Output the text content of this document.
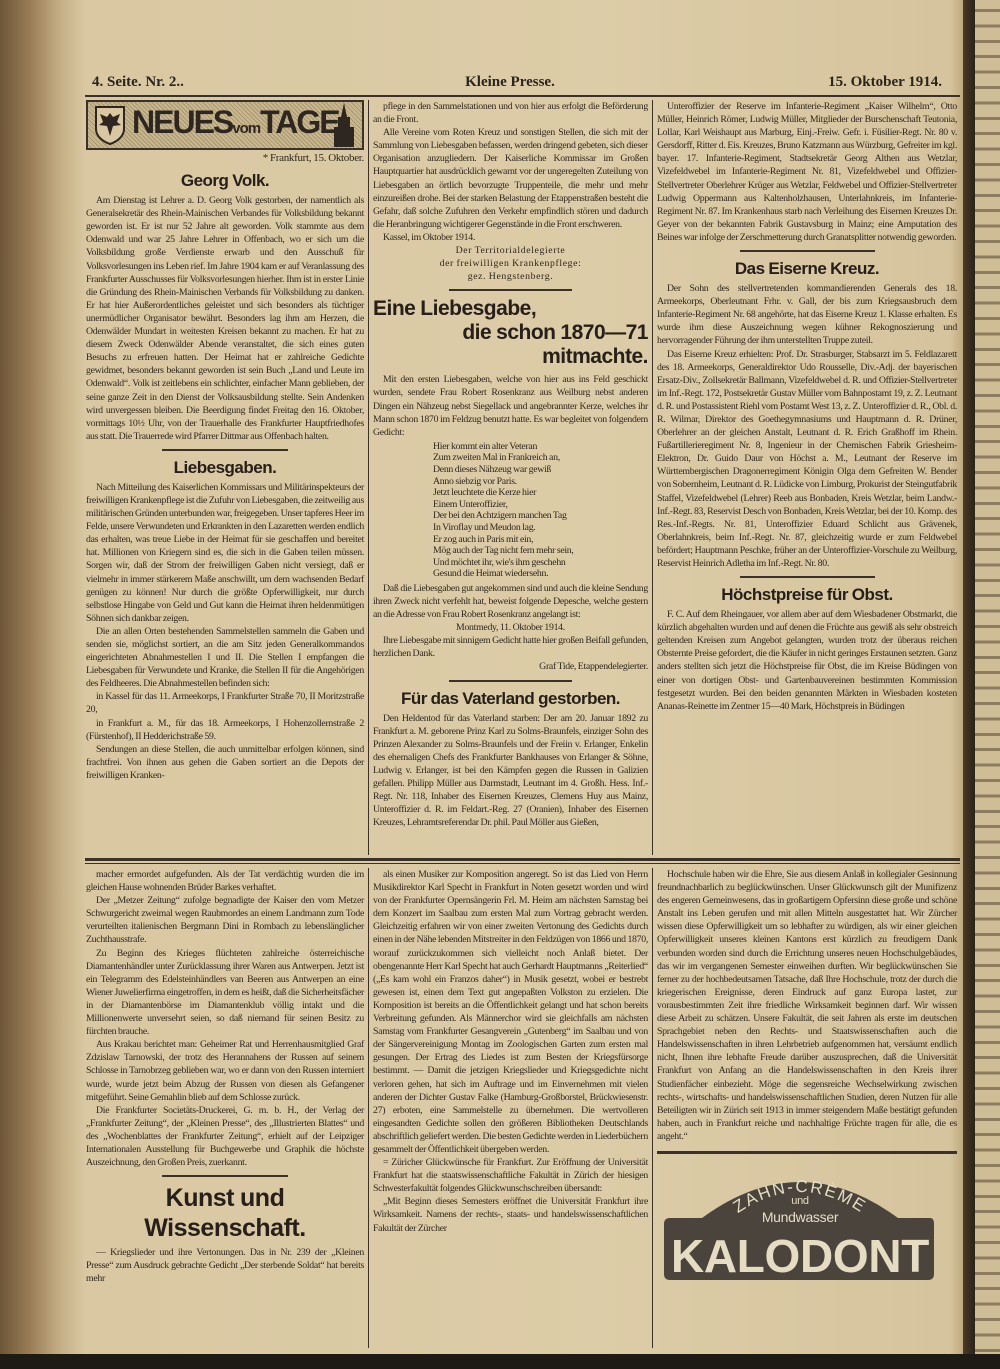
4. Seite. Nr. 2..	Kleine Presse.	15. Oktober 1914.
NEUESvomTAGE
* Frankfurt, 15. Oktober.
Georg Volk.

Am Dienstag ist Lehrer a. D. Georg Volk gestorben, der namentlich als Generalsekretär des Rhein-Mainischen Verbandes für Volksbildung bekannt geworden ist. Er ist nur 52 Jahre alt geworden. Volk stammte aus dem Odenwald und war 25 Jahre Lehrer in Offenbach, wo er sich um die Volksbildung große Verdienste erwarb und den Ausschuß für Volksvorlesungen ins Leben rief. Im Jahre 1904 kam er auf Veranlassung des Frankfurter Ausschusses für Volksvorlesungen hierher. Ihm ist in erster Linie die Gründung des Rhein-Mainischen Verbands für Volksbildung zu danken. Er hat hier Außerordentliches geleistet und sich besonders als tüchtiger unermüdlicher Organisator bewährt. Besonders lag ihm am Herzen, die Odenwälder Mundart in weitesten Kreisen bekannt zu machen. Er hat zu diesem Zweck Odenwälder Abende veranstaltet, die sich eines guten Besuchs zu erfreuen hatten. Der Heimat hat er zahlreiche Gedichte gewidmet, besonders bekannt geworden ist sein Buch „Land und Leute im Odenwald“. Volk ist zeitlebens ein schlichter, einfacher Mann geblieben, der seine ganze Zeit in den Dienst der Volksausbildung stellte. Sein Andenken wird unvergessen bleiben. Die Beerdigung findet Freitag den 16. Oktober, vormittags 10½ Uhr, von der Trauerhalle des Frankfurter Hauptfriedhofes aus statt. Die Trauerrede wird Pfarrer Dittmar aus Offenbach halten.

Liebesgaben.

Nach Mitteilung des Kaiserlichen Kommissars und Militärinspekteurs der freiwilligen Krankenpflege ist die Zufuhr von Liebesgaben, die zeitweilig aus militärischen Gründen unterbunden war, freigegeben. Unser tapferes Heer im Felde, unsere Verwundeten und Erkrankten in den Lazaretten werden endlich das erhalten, was treue Liebe in der Heimat für sie geschaffen und bereitet hat. Millionen von Kriegern sind es, die sich in die Gaben teilen müssen. Sorgen wir, daß der Strom der freiwilligen Gaben nicht versiegt, daß er vielmehr in immer stärkerem Maße anschwillt, um dem wachsenden Bedarf genügen zu können! Nur durch die größte Opferwilligkeit, nur durch selbstlose Hingabe von Geld und Gut kann die Heimat ihren heldenmütigen Söhnen sich dankbar zeigen.

Die an allen Orten bestehenden Sammelstellen sammeln die Gaben und senden sie, möglichst sortiert, an die am Sitz jeden Generalkommandos eingerichteten Abnahmestellen I und II. Die Stellen I empfangen die Liebesgaben für Verwundete und Kranke, die Stellen II für die Angehörigen des Feldheeres. Die Abnahmestellen befinden sich:

in Kassel für das 11. Armeekorps, I Frankfurter Straße 70, II Moritzstraße 20,

in Frankfurt a. M., für das 18. Armeekorps, I Hohenzollernstraße 2 (Fürstenhof), II Hedderichstraße 59.

Sendungen an diese Stellen, die auch unmittelbar erfolgen können, sind frachtfrei. Von ihnen aus gehen die Gaben sortiert an die Depots der freiwilligen Kranken-

pflege in den Sammelstationen und von hier aus erfolgt die Beförderung an die Front.

Alle Vereine vom Roten Kreuz und sonstigen Stellen, die sich mit der Sammlung von Liebesgaben befassen, werden dringend gebeten, sich dieser Organisation anzugliedern. Der Kaiserliche Kommissar im Großen Hauptquartier hat ausdrücklich gewarnt vor der ungeregelten Zuteilung von Liebesgaben an örtlich bevorzugte Truppenteile, die mehr und mehr einzureißen drohe. Bei der starken Belastung der Etappenstraßen besteht die Gefahr, daß solche Zufuhren den Verkehr empfindlich stören und dadurch die Heranbringung wichtigerer Gegenstände in die Front erschweren.

Kassel, im Oktober 1914.

Der Territorialdelegierte
der freiwilligen Krankenpflege:
gez. Hengstenberg.
Eine Liebesgabe,
die schon 1870—71 mitmachte.

Mit den ersten Liebesgaben, welche von hier aus ins Feld geschickt wurden, sendete Frau Robert Rosenkranz aus Weilburg nebst anderen Dingen ein Nähzeug nebst Siegellack und angebrannter Kerze, welches ihr Mann schon 1870 im Feldzug benutzt hatte. Es war begleitet von folgendem Gedicht:

Hier kommt ein alter Veteran
Zum zweiten Mal in Frankreich an,
Denn dieses Nähzeug war gewiß
Anno siebzig vor Paris.
Jetzt leuchtete die Kerze hier
Einem Unteroffizier,
Der bei den Achtzigern manchen Tag
In Viroflay und Meudon lag.
Er zog auch in Paris mit ein,
Mög auch der Tag nicht fern mehr sein,
Und möchtet ihr, wie's ihm geschehn
Gesund die Heimat wiedersehn.

Daß die Liebesgaben gut angekommen sind und auch die kleine Sendung ihren Zweck nicht verfehlt hat, beweist folgende Depesche, welche gestern an die Adresse von Frau Robert Rosenkranz angelangt ist:

Montmedy, 11. Oktober 1914.

Ihre Liebesgabe mit sinnigem Gedicht hatte hier großen Beifall gefunden, herzlichen Dank.

Graf Tide, Etappendelegierter.
Für das Vaterland gestorben.

Den Heldentod für das Vaterland starben: Der am 20. Januar 1892 zu Frankfurt a. M. geborene Prinz Karl zu Solms-Braunfels, einziger Sohn des Prinzen Alexander zu Solms-Braunfels und der Freiin v. Erlanger, Enkelin des ehemaligen Chefs des Frankfurter Bankhauses von Erlanger & Söhne, Ludwig v. Erlanger, ist bei den Kämpfen gegen die Russen in Galizien gefallen. Philipp Müller aus Darmstadt, Leutnant im 4. Großh. Hess. Inf.-Regt. Nr. 118, Inhaber des Eisernen Kreuzes, Clemens Huy aus Mainz, Unteroffizier d. R. im Feldart.-Reg. 27 (Oranien), Inhaber des Eisernen Kreuzes, Lehramtsreferendar Dr. phil. Paul Möller aus Gießen,

Unteroffizier der Reserve im Infanterie-Regiment „Kaiser Wilhelm“, Otto Müller, Heinrich Römer, Ludwig Müller, Mitglieder der Burschenschaft Teutonia, Lollar, Karl Weishaupt aus Marburg, Einj.-Freiw. Gefr. i. Füsilier-Regt. Nr. 80 v. Gersdorff, Ritter d. Eis. Kreuzes, Bruno Katzmann aus Würzburg, Gefreiter im kgl. bayer. 17. Infanterie-Regiment, Stadtsekretär Georg Althen aus Wetzlar, Vizefeldwebel im Infanterie-Regiment Nr. 81, Vizefeldwebel und Offizier-Stellvertreter Oberlehrer Krüger aus Wetzlar, Feldwebel und Offizier-Stellvertreter Ludwig Oppermann aus Kaltenholzhausen, Unterlahnkreis, im Infanterie-Regiment Nr. 87. Im Krankenhaus starb nach Verleihung des Eisernen Kreuzes Dr. Geyer von der bekannten Fabrik Gustavsburg in Mainz; eine Amputation des Beines war infolge der Zerschmetterung durch Granatsplitter notwendig geworden.

Das Eiserne Kreuz.

Der Sohn des stellvertretenden kommandierenden Generals des 18. Armeekorps, Oberleutnant Frhr. v. Gall, der bis zum Kriegsausbruch dem Infanterie-Regiment Nr. 68 angehörte, hat das Eiserne Kreuz 1. Klasse erhalten. Es wurde ihm diese Auszeichnung wegen kühner Rekognoszierung und hervorragender Führung der ihm unterstellten Truppe zuteil.

Das Eiserne Kreuz erhielten: Prof. Dr. Strasburger, Stabsarzt im 5. Feldlazarett des 18. Armeekorps, Generaldirektor Udo Rousselle, Div.-Adj. der bayerischen Ersatz-Div., Zollsekretär Ballmann, Vizefeldwebel d. R. und Offizier-Stellvertreter im Inf.-Regt. 172, Postsekretär Gustav Müller vom Bahnpostamt 19, z. Z. Leutnant d. R. und Postassistent Riehl vom Postamt West 13, z. Z. Unteroffizier d. R., Obl. d. R. Wilmar, Direktor des Goethegymnasiums und Hauptmann d. R. Drüner, Oberlehrer an der gleichen Anstalt, Leutnant d. R. Erich Graßhoff im Rhein. Fußartillerieregiment Nr. 8, Ingenieur in der Chemischen Fabrik Griesheim-Elektron, Dr. Guido Daur von Höchst a. M., Leutnant der Reserve im Württembergischen Dragonerregiment Königin Olga dem Gefreiten W. Bender von Sobernheim, Leutnant d. R. Lüdicke von Limburg, Prokurist der Steingutfabrik Staffel, Vizefeldwebel (Lehrer) Reeb aus Bonbaden, Kreis Wetzlar, beim Landw.-Inf.-Regt. 83, Reservist Desch von Bonbaden, Kreis Wetzlar, bei der 10. Komp. des Res.-Inf.-Regts. Nr. 81, Unteroffizier Eduard Schlicht aus Grävenek, Oberlahnkreis, beim Inf.-Regt. Nr. 87, gleichzeitig wurde er zum Feldwebel befördert; Hauptmann Peschke, früher an der Unteroffizier-Vorschule zu Weilburg, Reservist Heinrich Adletha im Inf.-Regt. Nr. 80.

Höchstpreise für Obst.

F. C. Auf dem Rheingauer, vor allem aber auf dem Wiesbadener Obstmarkt, die kürzlich abgehalten wurden und auf denen die Früchte aus gewiß als sehr obstreich geltenden Kreisen zum Angebot gelangten, wurden trotz der überaus reichen Obsternte Preise gefordert, die die Käufer in nicht geringes Erstaunen setzten. Ganz anders stellten sich jetzt die Höchstpreise für Obst, die im Kreise Büdingen von einer von dortigen Obst- und Gartenbauvereinen bestimmten Kommission festgesetzt wurden. Bei den beiden genannten Märkten in Wiesbaden kosteten Ananas-Reinette im Zentner 15—40 Mark, Höchstpreis in Büdingen

macher ermordet aufgefunden. Als der Tat verdächtig wurden die im gleichen Hause wohnenden Brüder Barkes verhaftet.

Der „Metzer Zeitung“ zufolge begnadigte der Kaiser den vom Metzer Schwurgericht zweimal wegen Raubmordes an einem Landmann zum Tode verurteilten italienischen Bergmann Dini in Rombach zu lebenslänglicher Zuchthausstrafe.

Zu Beginn des Krieges flüchteten zahlreiche österreichische Diamantenhändler unter Zurücklassung ihrer Waren aus Antwerpen. Jetzt ist ein Telegramm des Edelsteinhändlers van Beeren aus Antwerpen an eine Wiener Juwelierfirma eingetroffen, in dem es heißt, daß die Sicherheitsfächer in der Diamantenbörse im Diamantenklub völlig intakt und die Millionenwerte unversehrt seien, so daß niemand für seinen Besitz zu fürchten brauche.

Aus Krakau berichtet man: Geheimer Rat und Herrenhausmitglied Graf Zdzislaw Tarnowski, der trotz des Herannahens der Russen auf seinem Schlosse in Tarnobrzeg geblieben war, wo er dann von den Russen interniert wurde, wurde jetzt beim Abzug der Russen von diesen als Gefangener mitgeführt. Seine Gemahlin blieb auf dem Schlosse zurück.

Die Frankfurter Societäts-Druckerei, G. m. b. H., der Verlag der „Frankfurter Zeitung“, der „Kleinen Presse“, des „Illustrierten Blattes“ und des „Wochenblattes der Frankfurter Zeitung“, erhielt auf der Leipziger Internationalen Ausstellung für Buchgewerbe und Graphik die höchste Auszeichnung, den Großen Preis, zuerkannt.

Kunst und Wissenschaft.

— Kriegslieder und ihre Vertonungen. Das in Nr. 239 der „Kleinen Presse“ zum Ausdruck gebrachte Gedicht „Der sterbende Soldat“ hat bereits mehr

als einen Musiker zur Komposition angeregt. So ist das Lied von Herrn Musikdirektor Karl Specht in Frankfurt in Noten gesetzt worden und wird von der Frankfurter Opernsängerin Frl. M. Heim am nächsten Samstag bei dem Konzert im Saalbau zum ersten Mal zum Vortrag gebracht werden. Gleichzeitig erfahren wir von einer zweiten Vertonung des Gedichts durch einen in der Nähe lebenden Mitstreiter in den Feldzügen von 1866 und 1870, worauf zurückzukommen sich vielleicht noch Anlaß bietet. Der obengenannte Herr Karl Specht hat auch Gerhardt Hauptmanns „Reiterlied“ („Es kam wohl ein Franzos daher“) in Musik gesetzt, wobei er bestrebt gewesen ist, einen dem Text gut angepaßten Volkston zu erzielen. Die Komposition ist bereits an die Öffentlichkeit gelangt und hat schon bereits Verbreitung gefunden. Als Männerchor wird sie gleichfalls am nächsten Samstag vom Frankfurter Gesangverein „Gutenberg“ im Saalbau und von der Sängervereinigung Montag im Zoologischen Garten zum ersten mal gesungen. Der Ertrag des Liedes ist zum Besten der Kriegsfürsorge bestimmt. — Damit die jetzigen Kriegslieder und Kriegsgedichte nicht verloren gehen, hat sich im Auftrage und im Einvernehmen mit vielen anderen der Dichter Gustav Falke (Hamburg-Großborstel, Brückwiesenstr. 27) erboten, eine Sammelstelle zu übernehmen. Die wertvolleren eingesandten Gedichte sollen den größeren Bibliotheken Deutschlands abschriftlich geliefert werden. Die besten Gedichte werden in Liederbüchern gesammelt der Öffentlichkeit übergeben werden.

= Züricher Glückwünsche für Frankfurt. Zur Eröffnung der Universität Frankfurt hat die staatswissenschaftliche Fakultät in Zürich der hiesigen Schwesterfakultät folgendes Glückwunschschreiben übersandt:

„Mit Beginn dieses Semesters eröffnet die Universität Frankfurt ihre Wirksamkeit. Namens der rechts-, staats- und handelswissenschaftlichen Fakultät der Zürcher

Hochschule haben wir die Ehre, Sie aus diesem Anlaß in kollegialer Gesinnung freundnachbarlich zu beglückwünschen. Unser Glückwunsch gilt der Munifizenz des engeren Gemeinwesens, das in großartigem Opfersinn diese große und schöne Anstalt ins Leben gerufen und mit allen Mitteln ausgestattet hat. Wir Zürcher wissen diese Opferwilligkeit um so lebhafter zu würdigen, als wir einer gleichen Opferwilligkeit unseres kleinen Kantons erst kürzlich zu freudigem Dank verbunden worden sind durch die Errichtung unseres neuen Hochschulgebäudes, das wir im vergangenen Semester einweihen durften. Wir beglückwünschen Sie ferner zu der hochbedeutsamen Tatsache, daß Ihre Hochschule, trotz der durch die kriegerischen Ereignisse, deren Eindruck auf ganz Europa lastet, zur vorausbestimmten Zeit ihre friedliche Wirksamkeit beginnen darf. Wir wissen diese Arbeit zu schätzen. Unsere Fakultät, die seit Jahren als erste im deutschen Sprachgebiet neben den Rechts- und Staatswissenschaften auch die Handelswissenschaften in ihren Lehrbetrieb aufgenommen hat, versäumt endlich nicht, Ihnen ihre lebhafte Freude darüber auszusprechen, daß die Universität Frankfurt von Anfang an die Handelswissenschaften in den Kreis ihrer Studienfächer einbezieht. Möge die segensreiche Wechselwirkung zwischen rechts-, wirtschafts- und handelswissenschaftlichen Studien, deren Nutzen für alle Beteiligten wir in Zürich seit 1913 in immer steigendem Maße bestätigt gefunden haben, auch in Frankfurt reiche und nachhaltige Früchte tragen für alle, die es angeht.“

ZAHN-CRÈME
und
Mundwasser
KALODONT
